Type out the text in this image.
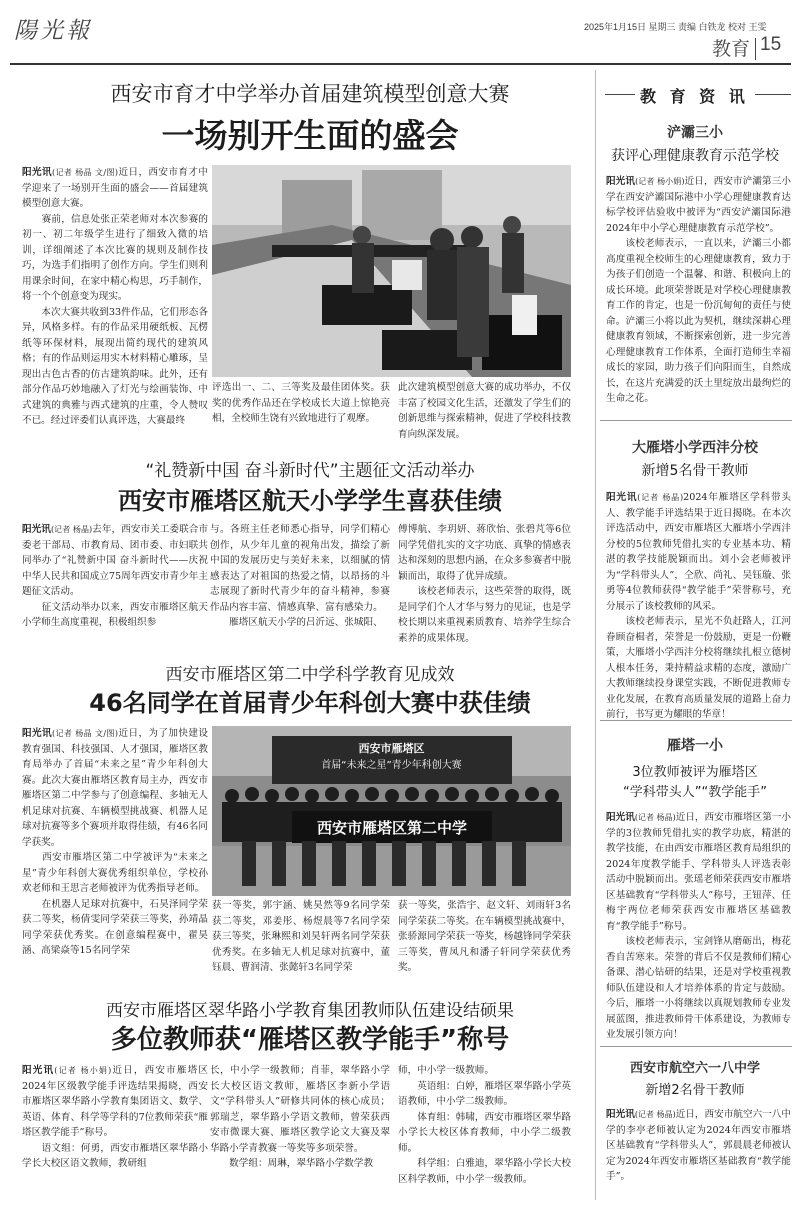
陽光報	2025年1月15日 星期三 责编 白铁龙 校对 王雯
教育 15
西安市育才中学举办首届建筑模型创意大赛
一场别开生面的盛会
阳光讯(记者 杨晶 文/图)近日，西安市育才中学迎来了一场别开生面的盛会——首届建筑模型创意大赛。
　　赛前，信息处张正荣老师对本次参赛的初一、初二年级学生进行了细致入微的培训，详细阐述了本次比赛的规则及制作技巧，为选手们指明了创作方向。学生们则利用课余时间，在家中精心构思，巧手制作，将一个个创意变为现实。
　　本次大赛共收到33件作品，它们形态各异，风格多样。有的作品采用硬纸板、瓦楞纸等环保材料，展现出简约现代的建筑风格；有的作品则运用实木材料精心雕琢，呈现出古色古香的仿古建筑韵味。此外，还有部分作品巧妙地融入了灯光与绘画装饰、中式建筑的典雅与西式建筑的庄重，令人赞叹不已。经过评委们认真评选，大赛最终
评选出一、二、三等奖及最佳团体奖。获奖的优秀作品还在学校成长大道上惊艳亮相，全校师生饶有兴致地进行了观摩。
此次建筑模型创意大赛的成功举办，不仅丰富了校园文化生活，还激发了学生们的创新思维与探索精神，促进了学校科技教育向纵深发展。
“礼赞新中国 奋斗新时代”主题征文活动举办
西安市雁塔区航天小学学生喜获佳绩
阳光讯(记者 杨晶)去年，西安市关工委联合市委老干部局、市教育局、团市委、市妇联共同举办了“礼赞新中国 奋斗新时代——庆祝中华人民共和国成立75周年西安市青少年主题征文活动。
　　征文活动举办以来，西安市雁塔区航天小学师生高度重视，积极组织参
与。各班主任老师悉心指导，同学们精心创作，从少年儿童的视角出发，描绘了新中国的发展历史与美好未来，以细腻的情感表达了对祖国的热爱之情，以昂扬的斗志展现了新时代青少年的奋斗精神，参赛作品内容丰富、情感真挚、富有感染力。
　　雁塔区航天小学的吕沂远、张城阳、
傅博航、李玥妍、蒋欣怡、张碧芃等6位同学凭借扎实的文字功底、真挚的情感表达和深刻的思想内涵，在众多参赛者中脱颖而出，取得了优异成绩。
　　该校老师表示，这些荣誉的取得，既是同学们个人才华与努力的见证，也是学校长期以来重视素质教育、培养学生综合素养的成果体现。
西安市雁塔区第二中学科学教育见成效
46名同学在首届青少年科创大赛中获佳绩
阳光讯(记者 杨晶 文/图)近日，为了加快建设教育强国、科技强国、人才强国，雁塔区教育局举办了首届“未来之星”青少年科创大赛。此次大赛由雁塔区教育局主办，西安市雁塔区第二中学参与了创意编程、多轴无人机足球对抗赛、车辆模型挑战赛、机器人足球对抗赛等多个赛项并取得佳绩，有46名同学获奖。
　　西安市雁塔区第二中学被评为“未来之星”青少年科创大赛优秀组织单位，学校孙欢老师和王思言老师被评为优秀指导老师。
　　在机器人足球对抗赛中，石昊泽同学荣获二等奖，杨倩雯同学荣获三等奖，孙靖晶同学荣获优秀奖。在创意编程赛中，翟昊涵、高梁焱等15名同学荣
西安市雁塔区
首届“未来之星”青少年科创大赛
西安市雁塔区第二中学
获一等奖，郭宇涵、姚昊然等9名同学荣获二等奖，邓姜彤、杨煜晨等7名同学荣获三等奖，张琳熙和刘昊轩两名同学荣获优秀奖。在多轴无人机足球对抗赛中，董钰晨、曹润清、张懿轩3名同学荣
获一等奖，张浩宇、赵文轩、刘雨轩3名同学荣获二等奖。在车辆模型挑战赛中，张骄源同学荣获一等奖，杨越锋同学荣获三等奖，曹凤凡和潘子轩同学荣获优秀奖。
西安市雁塔区翠华路小学教育集团教师队伍建设结硕果
多位教师获“雁塔区教学能手”称号
阳光讯(记者 杨小娟)近日，西安市雁塔区2024年区级教学能手评选结果揭晓，西安市雁塔区翠华路小学教育集团语文、数学、英语、体育、科学等学科的7位教师荣获“雁塔区教学能手”称号。
　　语文组：何勇，西安市雁塔区翠华路小学长大校区语文教师，教研组
长，中小学一级教师；肖菲，翠华路小学长大校区语文教师，雁塔区李新小学语文“学科带头人”研修共同体的核心成员；郭瑞芝，翠华路小学语文教师，曾荣获西安市微课大赛、雁塔区教学论文大赛及翠华路小学青教赛一等奖等多项荣誉。
　　数学组：周琳，翠华路小学数学教
师，中小学一级教师。
　　英语组：白婷，雁塔区翠华路小学英语教师，中小学二级教师。
　　体育组：韩啸，西安市雁塔区翠华路小学长大校区体育教师，中小学二级教师。
　　科学组：白雅迪，翠华路小学长大校区科学教师，中小学一级教师。
教 育 资 讯
浐灞三小
获评心理健康教育示范学校
阳光讯(记者 杨小娟)近日，西安市浐灞第三小学在西安浐灞国际港中小学心理健康教育达标学校评估验收中被评为“西安浐灞国际港2024年中小学心理健康教育示范学校”。
　　该校老师表示，一直以来，浐灞三小都高度重视全校师生的心理健康教育，致力于为孩子们创造一个温馨、和谐、积极向上的成长环境。此项荣誉既是对学校心理健康教育工作的肯定，也是一份沉甸甸的责任与使命。浐灞三小将以此为契机，继续深耕心理健康教育领域，不断探索创新，进一步完善心理健康教育工作体系，全面打造师生幸福成长的家园，助力孩子们向阳而生，自然成长，在这片充满爱的沃土里绽放出最绚烂的生命之花。
大雁塔小学西沣分校
新增5名骨干教师
阳光讯(记者 杨晶)2024年雁塔区学科带头人、教学能手评选结果于近日揭晓。在本次评选活动中，西安市雁塔区大雁塔小学西沣分校的5位教师凭借扎实的专业基本功、精湛的教学技能脱颖而出。刘小会老师被评为“学科带头人”，仝欣、尚礼、吴钰璇、张勇等4位教师获得“教学能手”荣誉称号，充分展示了该校教师的风采。
　　该校老师表示，星光不负赶路人，江河眷顾奋楫者，荣誉是一份鼓励，更是一份鞭策，大雁塔小学西沣分校将继续扎根立德树人根本任务，秉持精益求精的态度，激励广大教师继续投身课堂实践，不断促进教师专业化发展，在教育高质量发展的道路上奋力前行，书写更为耀眼的华章！
雁塔一小
3位教师被评为雁塔区
“学科带头人”“教学能手”
阳光讯(记者 杨晶)近日，西安市雁塔区第一小学的3位教师凭借扎实的教学功底，精湛的教学技能，在由西安市雁塔区教育局组织的2024年度教学能手、学科带头人评选表彰活动中脱颖而出。张瑶老师荣获西安市雁塔区基础教育“学科带头人”称号，王钮萍、任梅宇两位老师荣获西安市雁塔区基础教育“教学能手”称号。
　　该校老师表示，宝剑锋从磨砺出，梅花香自苦寒来。荣誉的背后不仅是教师们精心备课、潜心钻研的结果，还是对学校重视教师队伍建设和人才培养体系的肯定与鼓励。今后，雁塔一小将继续以真规划教师专业发展蓝图，推进教师骨干体系建设，为教师专业发展引领方向！
西安市航空六一八中学
新增2名骨干教师
阳光讯(记者 杨晶)近日，西安市航空六一八中学的李亭老师被认定为2024年西安市雁塔区基础教育“学科带头人”，郭晨晨老师被认定为2024年西安市雁塔区基础教育“教学能手”。
